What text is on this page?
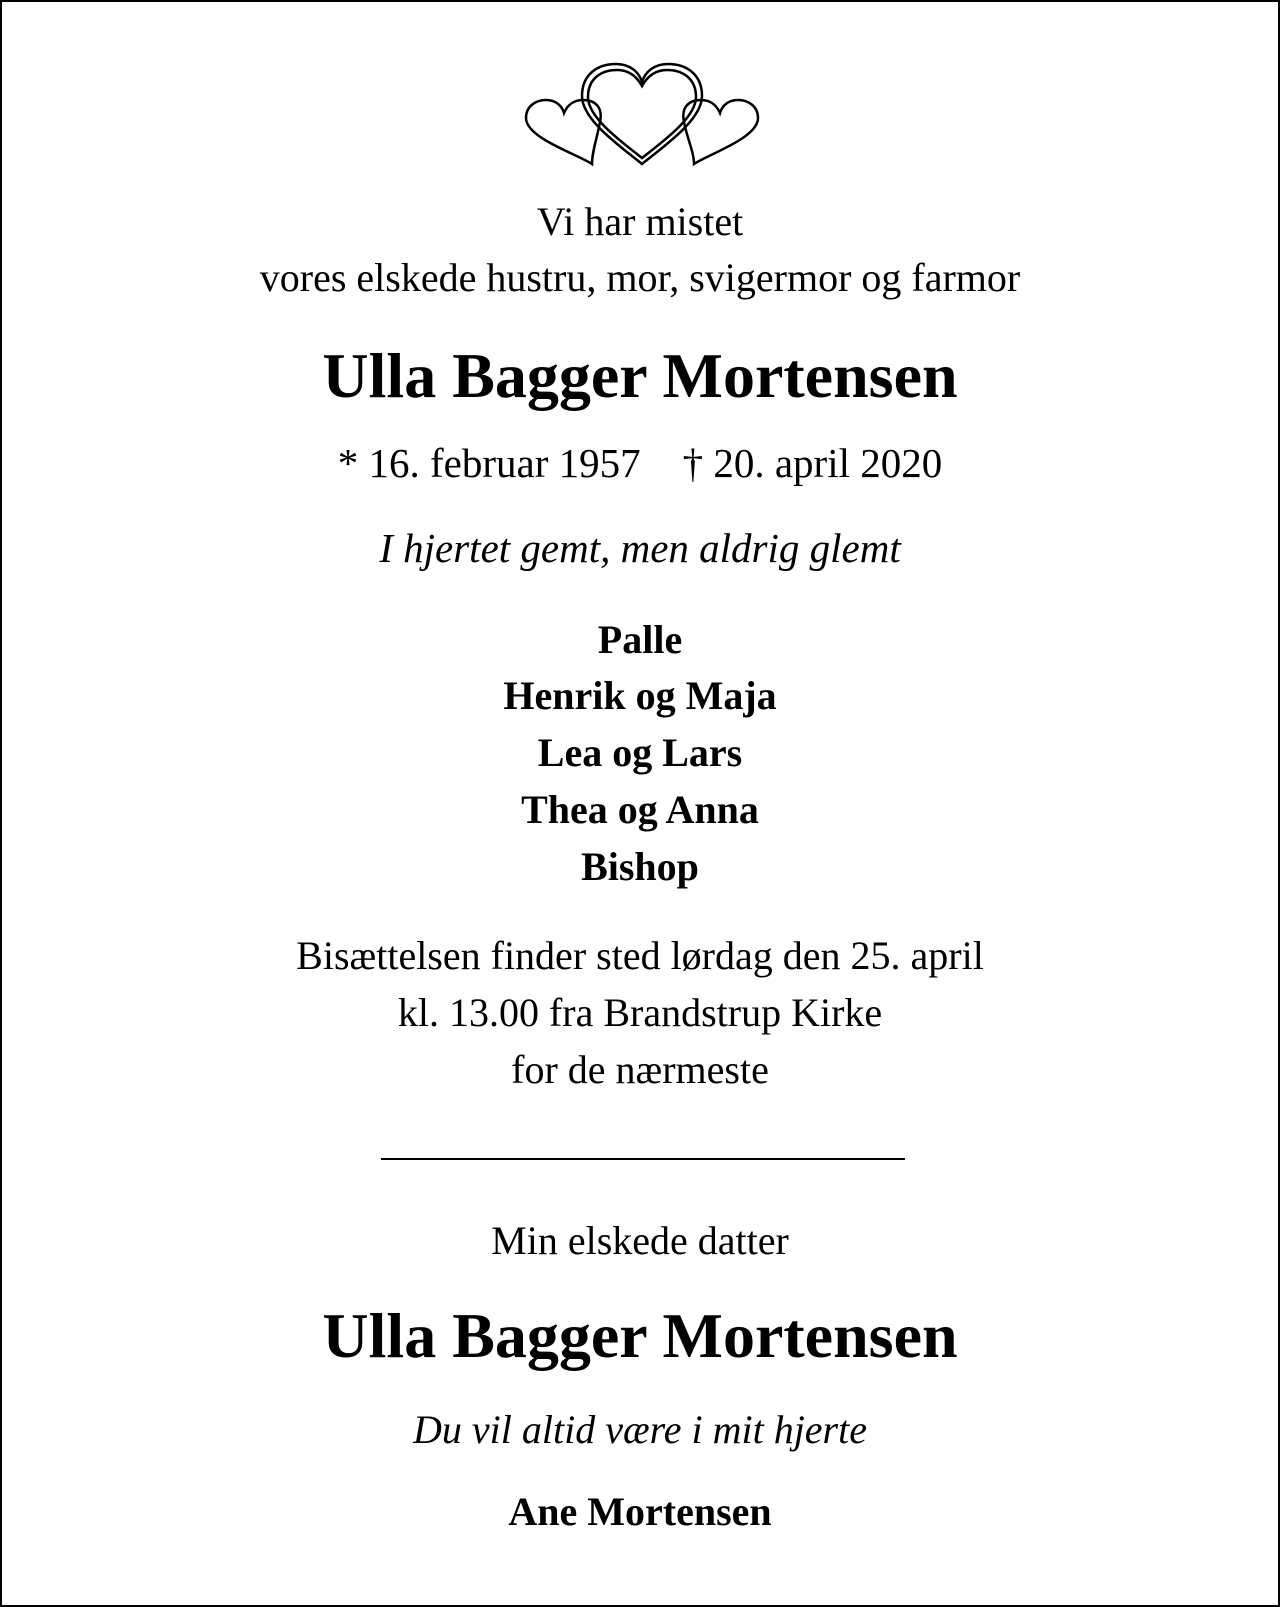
Vi har mistet
vores elskede hustru, mor, svigermor og farmor
Ulla Bagger Mortensen
* 16. februar 1957 † 20. april 2020
I hjertet gemt, men aldrig glemt
Palle
Henrik og Maja
Lea og Lars
Thea og Anna
Bishop
Bisættelsen finder sted lørdag den 25. april
kl. 13.00 fra Brandstrup Kirke
for de nærmeste
Min elskede datter
Ulla Bagger Mortensen
Du vil altid være i mit hjerte
Ane Mortensen
